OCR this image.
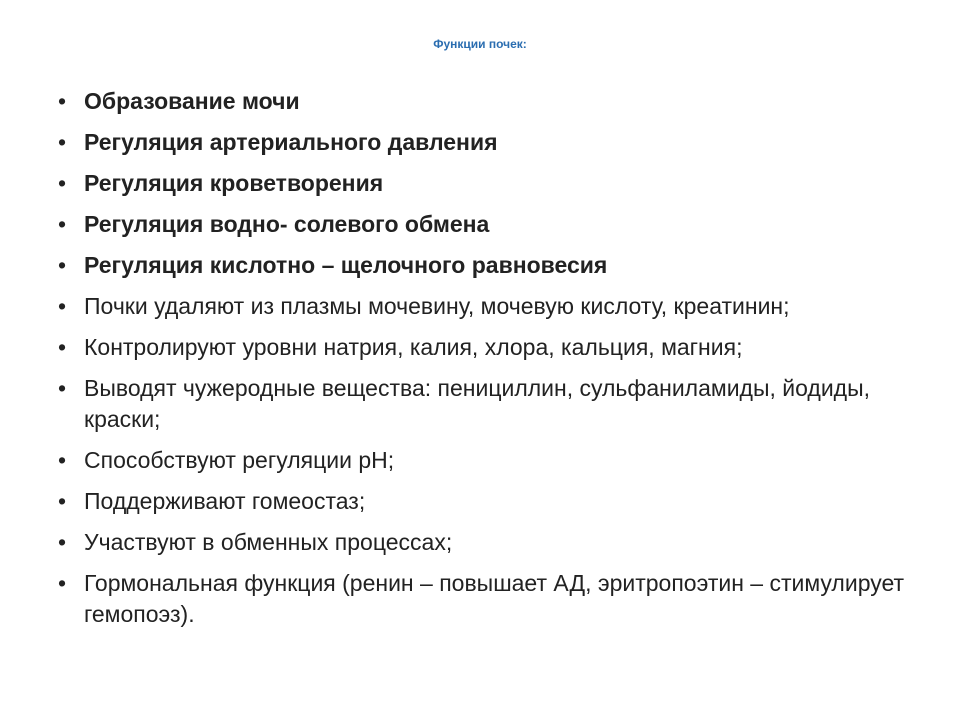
Функции почек:
• Образование мочи
• Регуляция артериального давления
• Регуляция кроветворения
• Регуляция водно- солевого обмена
• Регуляция кислотно – щелочного равновесия
• Почки удаляют из плазмы мочевину, мочевую кислоту, креатинин;
• Контролируют уровни натрия, калия, хлора, кальция, магния;
• Выводят чужеродные вещества: пенициллин, сульфаниламиды, йодиды, краски;
• Способствуют регуляции pH;
• Поддерживают гомеостаз;
• Участвуют в обменных процессах;
• Гормональная функция (ренин – повышает АД, эритропоэтин – стимулирует гемопоэз).
